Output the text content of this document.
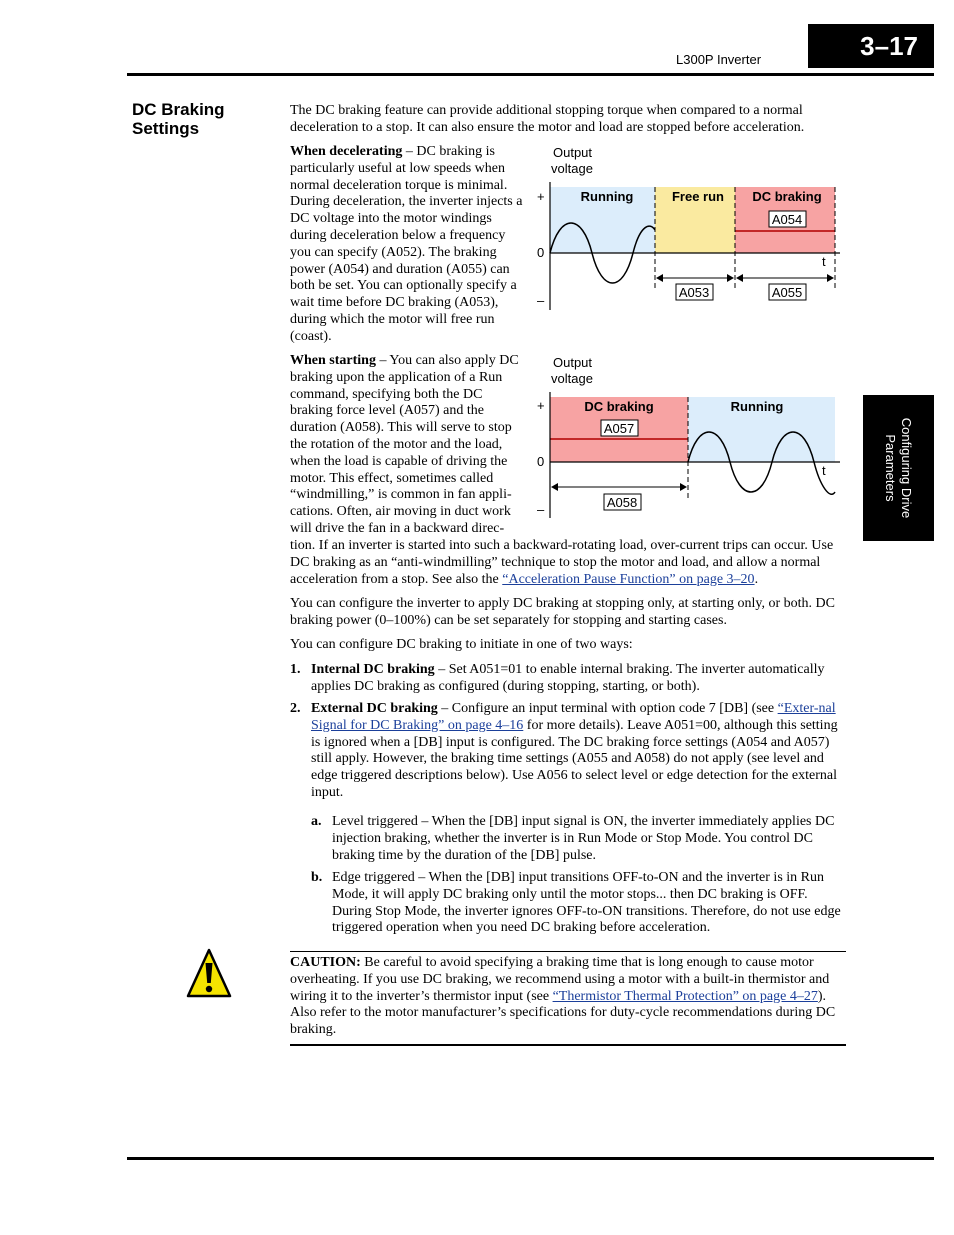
L300P Inverter	3–17
Configuring Drive
Parameters
DC Braking
Settings
The DC braking feature can provide additional stopping torque when compared to a normal deceleration to a stop. It can also ensure the motor and load are stopped before acceleration.
When decelerating – DC braking is particularly useful at low speeds when normal deceleration torque is minimal. During deceleration, the inverter injects a DC voltage into the motor windings during deceleration below a frequency you can specify (A052). The braking power (A054) and duration (A055) can both be set. You can optionally specify a wait time before DC braking (A053), during which the motor will free run (coast).
Output
voltage
Running	Free run DC braking
A054
+
0
–
t
A053	A055
When starting – You can also apply DC braking upon the application of a Run command, specifying both the DC braking force level (A057) and the duration (A058). This will serve to stop the rotation of the motor and the load, when the load is capable of driving the motor. This effect, sometimes called “windmilling,” is common in fan appli-cations. Often, air moving in duct work will drive the fan in a backward direc-
Output
voltage
DC braking	Running
A057
+
0
–
t
A058
tion. If an inverter is started into such a backward-rotating load, over-current trips can occur. Use DC braking as an “anti-windmilling” technique to stop the motor and load, and allow a normal acceleration from a stop. See also the “Acceleration Pause Function” on page 3–20.
You can configure the inverter to apply DC braking at stopping only, at starting only, or both. DC braking power (0–100%) can be set separately for stopping and starting cases.
You can configure DC braking to initiate in one of two ways:
1. Internal DC braking – Set A051=01 to enable internal braking. The inverter automatically applies DC braking as configured (during stopping, starting, or both).
2. External DC braking – Configure an input terminal with option code 7 [DB] (see “Exter-nal Signal for DC Braking” on page 4–16 for more details). Leave A051=00, although this setting is ignored when a [DB] input is configured. The DC braking force settings (A054 and A057) still apply. However, the braking time settings (A055 and A058) do not apply (see level and edge triggered descriptions below). Use A056 to select level or edge detection for the external input.
a. Level triggered – When the [DB] input signal is ON, the inverter immediately applies DC injection braking, whether the inverter is in Run Mode or Stop Mode. You control DC braking time by the duration of the [DB] pulse.
b. Edge triggered – When the [DB] input transitions OFF-to-ON and the inverter is in Run Mode, it will apply DC braking only until the motor stops... then DC braking is OFF. During Stop Mode, the inverter ignores OFF-to-ON transitions. Therefore, do not use edge triggered operation when you need DC braking before acceleration.
CAUTION: Be careful to avoid specifying a braking time that is long enough to cause motor overheating. If you use DC braking, we recommend using a motor with a built-in thermistor and wiring it to the inverter’s thermistor input (see “Thermistor Thermal Protection” on page 4–27). Also refer to the motor manufacturer’s specifications for duty-cycle recommendations during DC braking.
